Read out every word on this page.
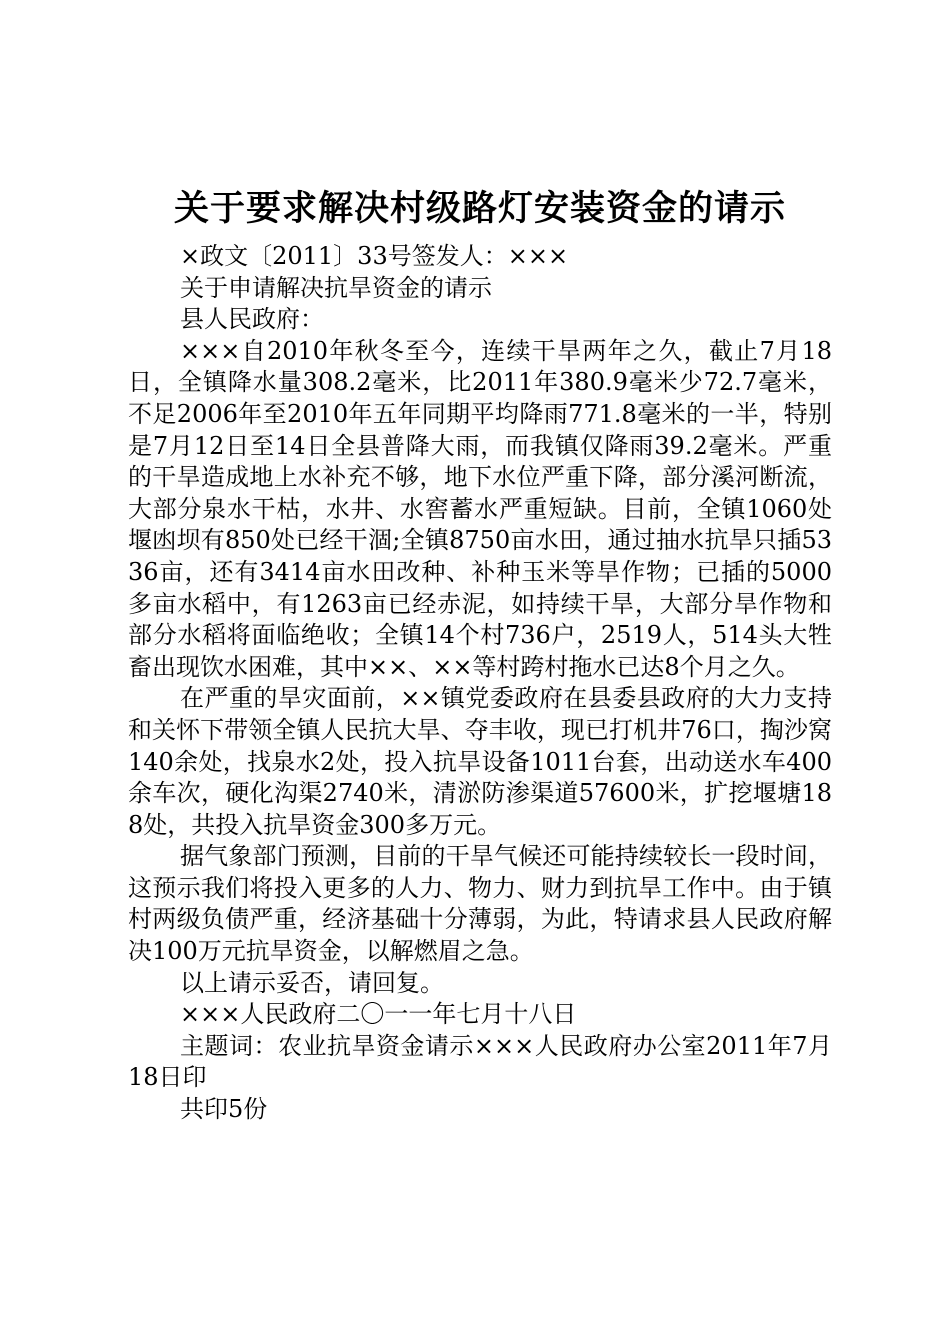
关于要求解决村级路灯安装资金的请示

×政文〔2011〕33号签发人：×××

关于申请解决抗旱资金的请示

县人民政府：

×××自2010年秋冬至今，连续干旱两年之久，截止7月18日，全镇降水量308.2毫米，比2011年380.9毫米少72.7毫米，不足2006年至2010年五年同期平均降雨771.8毫米的一半，特别是7月12日至14日全县普降大雨，而我镇仅降雨39.2毫米。严重的干旱造成地上水补充不够，地下水位严重下降，部分溪河断流，大部分泉水干枯，水井、水窖蓄水严重短缺。目前，全镇1060处堰凼坝有850处已经干涸;全镇8750亩水田，通过抽水抗旱只插5336亩，还有3414亩水田改种、补种玉米等旱作物；已插的5000多亩水稻中，有1263亩已经赤泥，如持续干旱，大部分旱作物和部分水稻将面临绝收；全镇14个村736户，2519人，514头大牲畜出现饮水困难，其中××、××等村跨村拖水已达8个月之久。

在严重的旱灾面前，××镇党委政府在县委县政府的大力支持和关怀下带领全镇人民抗大旱、夺丰收，现已打机井76口，掏沙窝140余处，找泉水2处，投入抗旱设备1011台套，出动送水车400余车次，硬化沟渠2740米，清淤防渗渠道57600米，扩挖堰塘188处，共投入抗旱资金300多万元。

据气象部门预测，目前的干旱气候还可能持续较长一段时间，这预示我们将投入更多的人力、物力、财力到抗旱工作中。由于镇村两级负债严重，经济基础十分薄弱，为此，特请求县人民政府解决100万元抗旱资金，以解燃眉之急。

以上请示妥否，请回复。

×××人民政府二〇一一年七月十八日

主题词：农业抗旱资金请示×××人民政府办公室2011年7月18日印

共印5份
